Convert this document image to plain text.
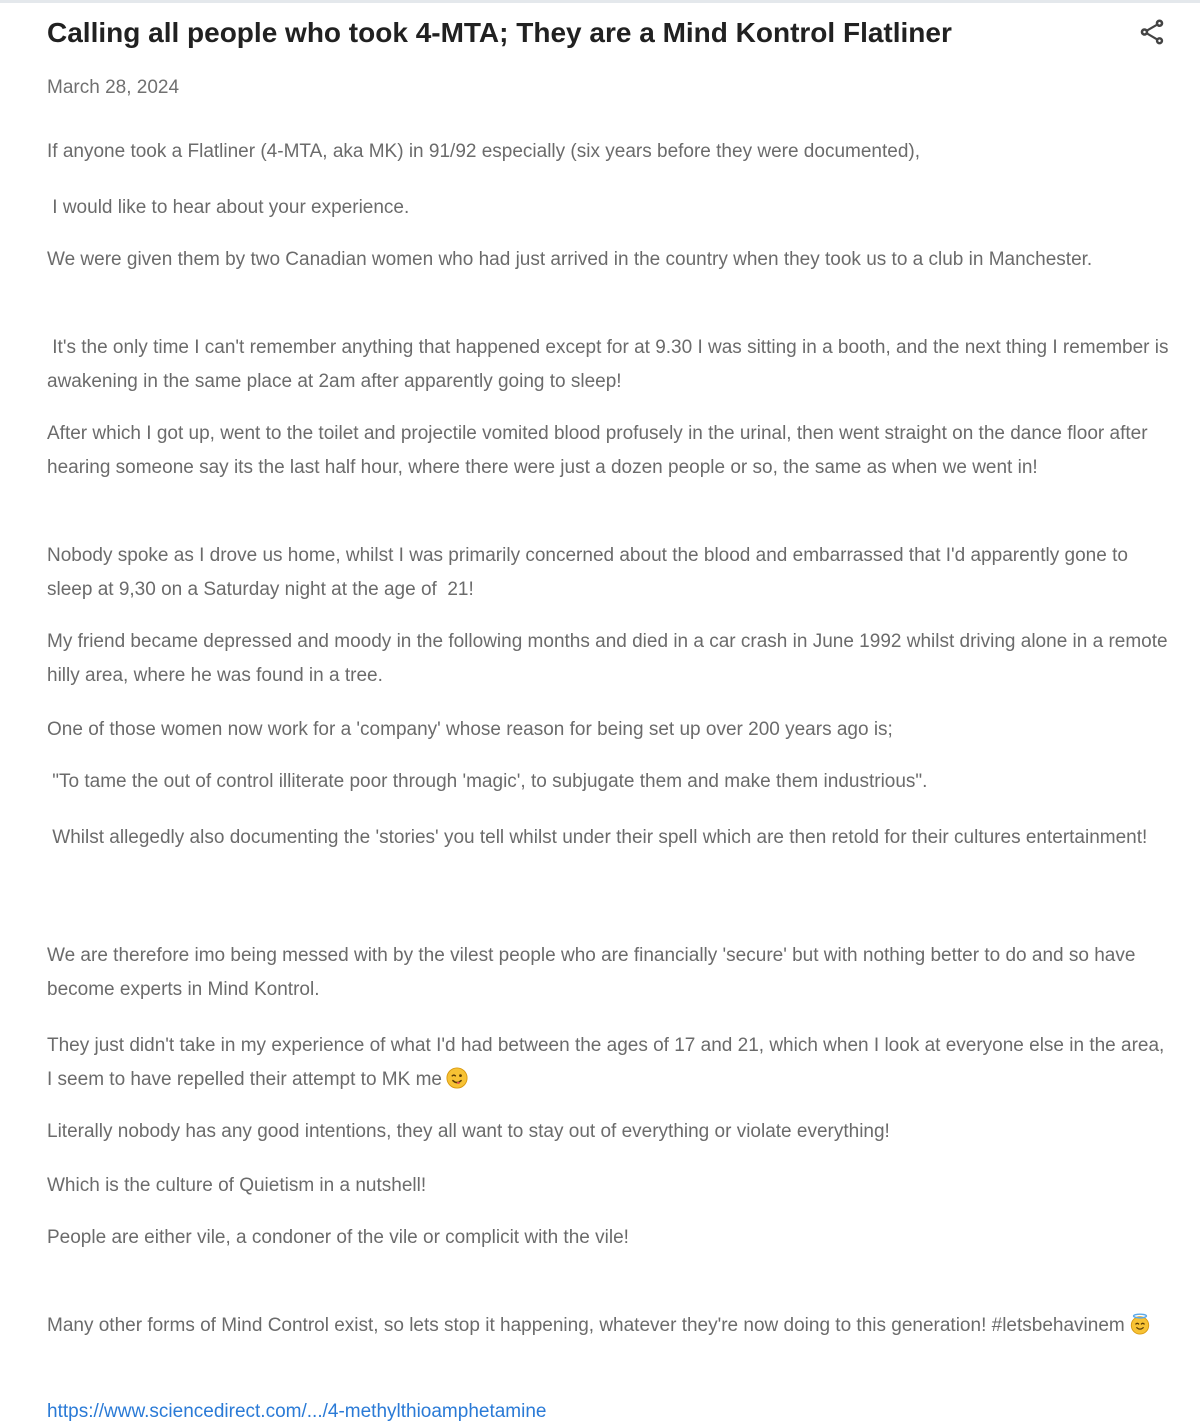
Calling all people who took 4-MTA; They are a Mind Kontrol Flatliner
March 28, 2024

If anyone took a Flatliner (4-MTA, aka MK) in 91/92 especially (six years before they were documented),

I would like to hear about your experience.

We were given them by two Canadian women who had just arrived in the country when they took us to a club in Manchester.

It's the only time I can't remember anything that happened except for at 9.30 I was sitting in a booth, and the next thing I remember is awakening in the same place at 2am after apparently going to sleep!

After which I got up, went to the toilet and projectile vomited blood profusely in the urinal, then went straight on the dance floor after hearing someone say its the last half hour, where there were just a dozen people or so, the same as when we went in!

Nobody spoke as I drove us home, whilst I was primarily concerned about the blood and embarrassed that I'd apparently gone to sleep at 9,30 on a Saturday night at the age of  21!

My friend became depressed and moody in the following months and died in a car crash in June 1992 whilst driving alone in a remote hilly area, where he was found in a tree.

One of those women now work for a 'company' whose reason for being set up over 200 years ago is;

"To tame the out of control illiterate poor through 'magic', to subjugate them and make them industrious".

Whilst allegedly also documenting the 'stories' you tell whilst under their spell which are then retold for their cultures entertainment!

We are therefore imo being messed with by the vilest people who are financially 'secure' but with nothing better to do and so have become experts in Mind Kontrol.

They just didn't take in my experience of what I'd had between the ages of 17 and 21, which when I look at everyone else in the area, I seem to have repelled their attempt to MK me

Literally nobody has any good intentions, they all want to stay out of everything or violate everything!

Which is the culture of Quietism in a nutshell!

People are either vile, a condoner of the vile or complicit with the vile!

Many other forms of Mind Control exist, so lets stop it happening, whatever they're now doing to this generation! #letsbehavinem

https://www.sciencedirect.com/.../4-methylthioamphetamine
